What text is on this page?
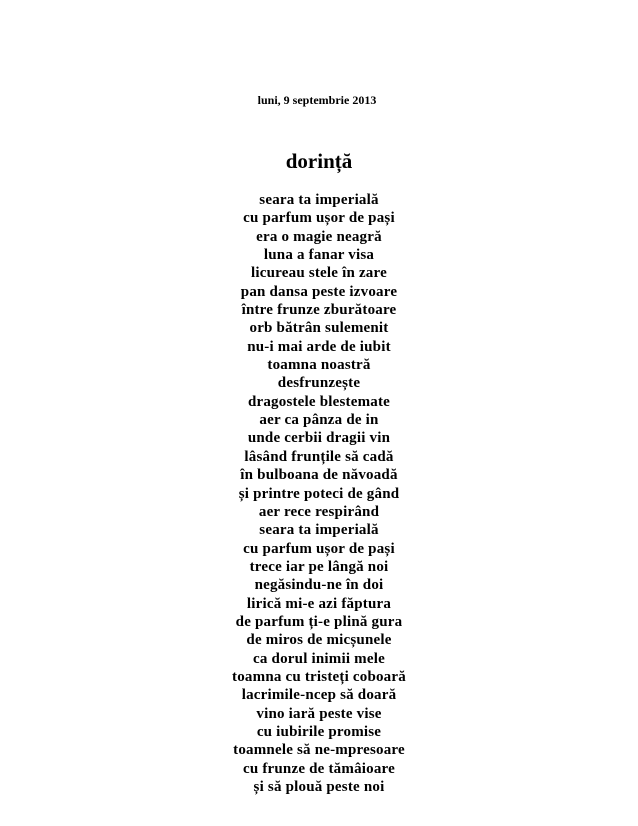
luni, 9 septembrie 2013
dorință
seara ta imperială
cu parfum ușor de pași
era o magie neagră
luna a fanar visa
licureau stele în zare
pan dansa peste izvoare
între frunze zburătoare
orb bătrân sulemenit
nu-i mai arde de iubit
toamna noastră
desfrunzește
dragostele blestemate
aer ca pânza de in
unde cerbii dragii vin
lâsând frunțile să cadă
în bulboana de năvoadă
și printre poteci de gând
aer rece respirând
seara ta imperială
cu parfum ușor de pași
trece iar pe lângă noi
negăsindu-ne în doi
lirică mi-e azi făptura
de parfum ți-e plină gura
de miros de micșunele
ca dorul inimii mele
toamna cu tristeți coboară
lacrimile-ncep să doară
vino iară peste vise
cu iubirile promise
toamnele să ne-mpresoare
cu frunze de tămâioare
și să plouă peste noi
